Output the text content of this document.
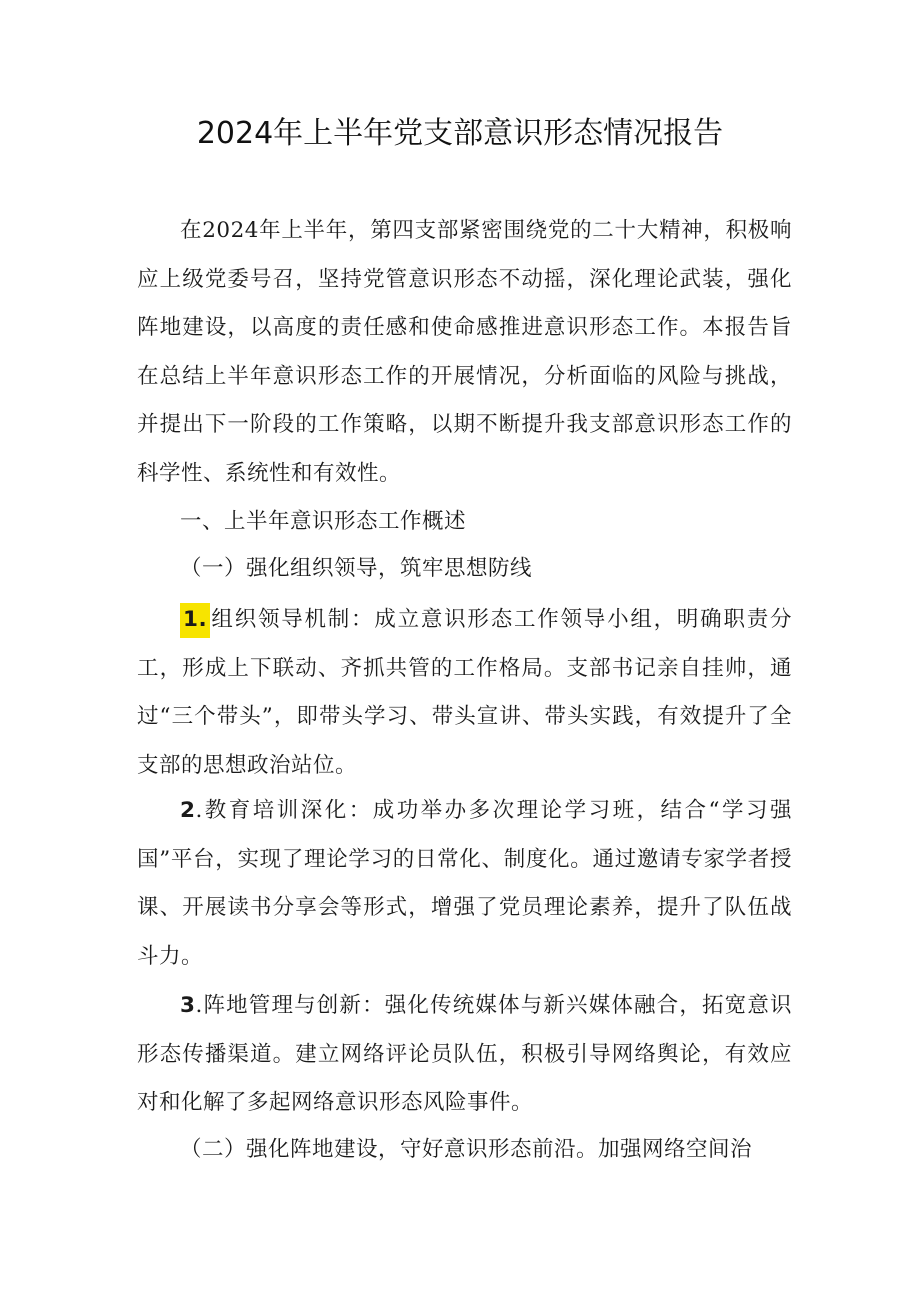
2024年上半年党支部意识形态情况报告

在2024年上半年，第四支部紧密围绕党的二十大精神，积极响应上级党委号召，坚持党管意识形态不动摇，深化理论武装，强化阵地建设，以高度的责任感和使命感推进意识形态工作。本报告旨在总结上半年意识形态工作的开展情况，分析面临的风险与挑战，并提出下一阶段的工作策略，以期不断提升我支部意识形态工作的科学性、系统性和有效性。

一、上半年意识形态工作概述

（一）强化组织领导，筑牢思想防线

1. 组织领导机制：成立意识形态工作领导小组，明确职责分工，形成上下联动、齐抓共管的工作格局。支部书记亲自挂帅，通过“三个带头”，即带头学习、带头宣讲、带头实践，有效提升了全支部的思想政治站位。

2.教育培训深化：成功举办多次理论学习班，结合“学习强国”平台，实现了理论学习的日常化、制度化。通过邀请专家学者授课、开展读书分享会等形式，增强了党员理论素养，提升了队伍战斗力。

3.阵地管理与创新：强化传统媒体与新兴媒体融合，拓宽意识形态传播渠道。建立网络评论员队伍，积极引导网络舆论，有效应对和化解了多起网络意识形态风险事件。

（二）强化阵地建设，守好意识形态前沿。加强网络空间治
